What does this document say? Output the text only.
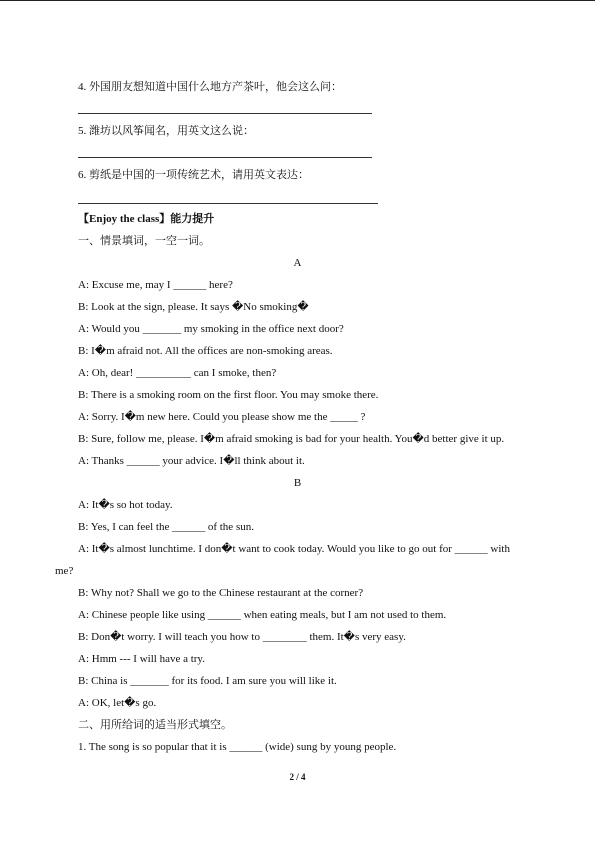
4. 外国朋友想知道中国什么地方产茶叶，他会这么问：
5. 潍坊以风筝闻名，用英文这么说：
6. 剪纸是中国的一项传统艺术，请用英文表达：
【Enjoy the class】能力提升
一、情景填词，一空一词。
A
A: Excuse me, may I ______ here?
B: Look at the sign, please. It says �No smoking�
A: Would you _______ my smoking in the office next door?
B: I�m afraid not. All the offices are non-smoking areas.
A: Oh, dear! __________ can I smoke, then?
B: There is a smoking room on the first floor. You may smoke there.
A: Sorry. I�m new here. Could you please show me the _____ ?
B: Sure, follow me, please. I�m afraid smoking is bad for your health. You�d better give it up.
A: Thanks ______ your advice. I�ll think about it.
B
A: It�s so hot today.
B: Yes, I can feel the ______ of the sun.
A: It�s almost lunchtime. I don�t want to cook today. Would you like to go out for ______ with
me?
B: Why not? Shall we go to the Chinese restaurant at the corner?
A: Chinese people like using ______ when eating meals, but I am not used to them.
B: Don�t worry. I will teach you how to ________ them. It�s very easy.
A: Hmm --- I will have a try.
B: China is _______ for its food. I am sure you will like it.
A: OK, let�s go.
二、用所给词的适当形式填空。
1. The song is so popular that it is ______ (wide) sung by young people.
2 / 4
